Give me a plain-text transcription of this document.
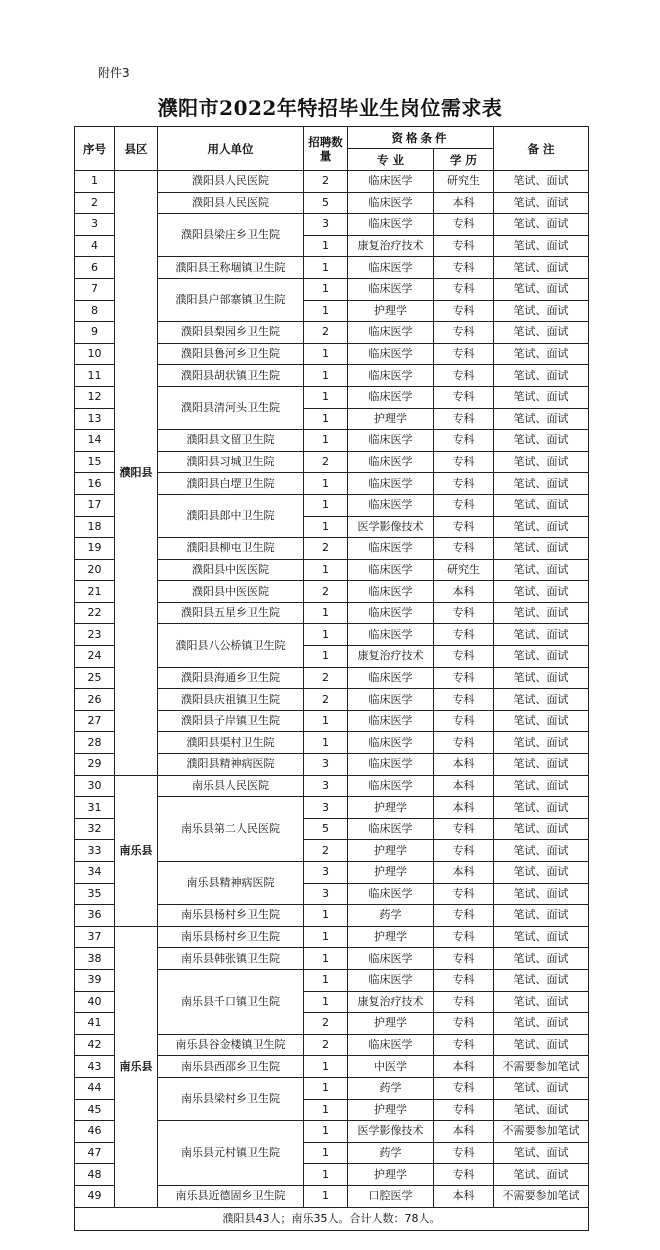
附件3
濮阳市2022年特招毕业生岗位需求表
序号	县区	用人单位	招聘数量	资格条件		备 注
				专 业	学 历	
1	濮阳县	濮阳县人民医院	2	临床医学	研究生	笔试、面试
2		濮阳县人民医院	5	临床医学	本科	笔试、面试
3		濮阳县梁庄乡卫生院	3	临床医学	专科	笔试、面试
4			1	康复治疗技术	专科	笔试、面试
6		濮阳县王称堌镇卫生院	1	临床医学	专科	笔试、面试
7		濮阳县户部寨镇卫生院	1	临床医学	专科	笔试、面试
8			1	护理学	专科	笔试、面试
9		濮阳县梨园乡卫生院	2	临床医学	专科	笔试、面试
10		濮阳县鲁河乡卫生院	1	临床医学	专科	笔试、面试
11		濮阳县胡状镇卫生院	1	临床医学	专科	笔试、面试
12		濮阳县清河头卫生院	1	临床医学	专科	笔试、面试
13			1	护理学	专科	笔试、面试
14		濮阳县文留卫生院	1	临床医学	专科	笔试、面试
15		濮阳县习城卫生院	2	临床医学	专科	笔试、面试
16		濮阳县白堽卫生院	1	临床医学	专科	笔试、面试
17		濮阳县郎中卫生院	1	临床医学	专科	笔试、面试
18			1	医学影像技术	专科	笔试、面试
19		濮阳县柳屯卫生院	2	临床医学	专科	笔试、面试
20		濮阳县中医医院	1	临床医学	研究生	笔试、面试
21		濮阳县中医医院	2	临床医学	本科	笔试、面试
22		濮阳县五星乡卫生院	1	临床医学	专科	笔试、面试
23		濮阳县八公桥镇卫生院	1	临床医学	专科	笔试、面试
24			1	康复治疗技术	专科	笔试、面试
25		濮阳县海通乡卫生院	2	临床医学	专科	笔试、面试
26		濮阳县庆祖镇卫生院	2	临床医学	专科	笔试、面试
27		濮阳县子岸镇卫生院	1	临床医学	专科	笔试、面试
28		濮阳县渠村卫生院	1	临床医学	专科	笔试、面试
29		濮阳县精神病医院	3	临床医学	本科	笔试、面试
30	南乐县	南乐县人民医院	3	临床医学	本科	笔试、面试
31		南乐县第二人民医院	3	护理学	本科	笔试、面试
32			5	临床医学	专科	笔试、面试
33			2	护理学	专科	笔试、面试
34		南乐县精神病医院	3	护理学	本科	笔试、面试
35			3	临床医学	专科	笔试、面试
36		南乐县杨村乡卫生院	1	药学	专科	笔试、面试
37	南乐县	南乐县杨村乡卫生院	1	护理学	专科	笔试、面试
38		南乐县韩张镇卫生院	1	临床医学	专科	笔试、面试
39		南乐县千口镇卫生院	1	临床医学	专科	笔试、面试
40			1	康复治疗技术	专科	笔试、面试
41			2	护理学	专科	笔试、面试
42		南乐县谷金楼镇卫生院	2	临床医学	专科	笔试、面试
43		南乐县西邵乡卫生院	1	中医学	本科	不需要参加笔试
44		南乐县梁村乡卫生院	1	药学	专科	笔试、面试
45			1	护理学	专科	笔试、面试
46		南乐县元村镇卫生院	1	医学影像技术	本科	不需要参加笔试
47			1	药学	专科	笔试、面试
48			1	护理学	专科	笔试、面试
49		南乐县近德固乡卫生院	1	口腔医学	本科	不需要参加笔试
濮阳县43人；南乐35人。合计人数：78人。						
